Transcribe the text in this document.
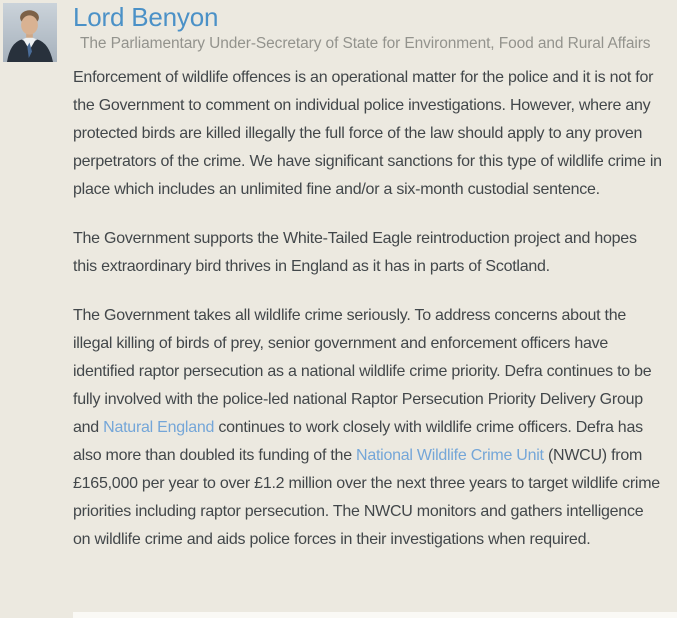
Lord Benyon
The Parliamentary Under-Secretary of State for Environment, Food and Rural Affairs

Enforcement of wildlife offences is an operational matter for the police and it is not for the Government to comment on individual police investigations. However, where any protected birds are killed illegally the full force of the law should apply to any proven perpetrators of the crime. We have significant sanctions for this type of wildlife crime in place which includes an unlimited fine and/or a six-month custodial sentence.

The Government supports the White-Tailed Eagle reintroduction project and hopes this extraordinary bird thrives in England as it has in parts of Scotland.

The Government takes all wildlife crime seriously. To address concerns about the illegal killing of birds of prey, senior government and enforcement officers have identified raptor persecution as a national wildlife crime priority. Defra continues to be fully involved with the police-led national Raptor Persecution Priority Delivery Group and Natural England continues to work closely with wildlife crime officers. Defra has also more than doubled its funding of the National Wildlife Crime Unit (NWCU) from £165,000 per year to over £1.2 million over the next three years to target wildlife crime priorities including raptor persecution. The NWCU monitors and gathers intelligence on wildlife crime and aids police forces in their investigations when required.
